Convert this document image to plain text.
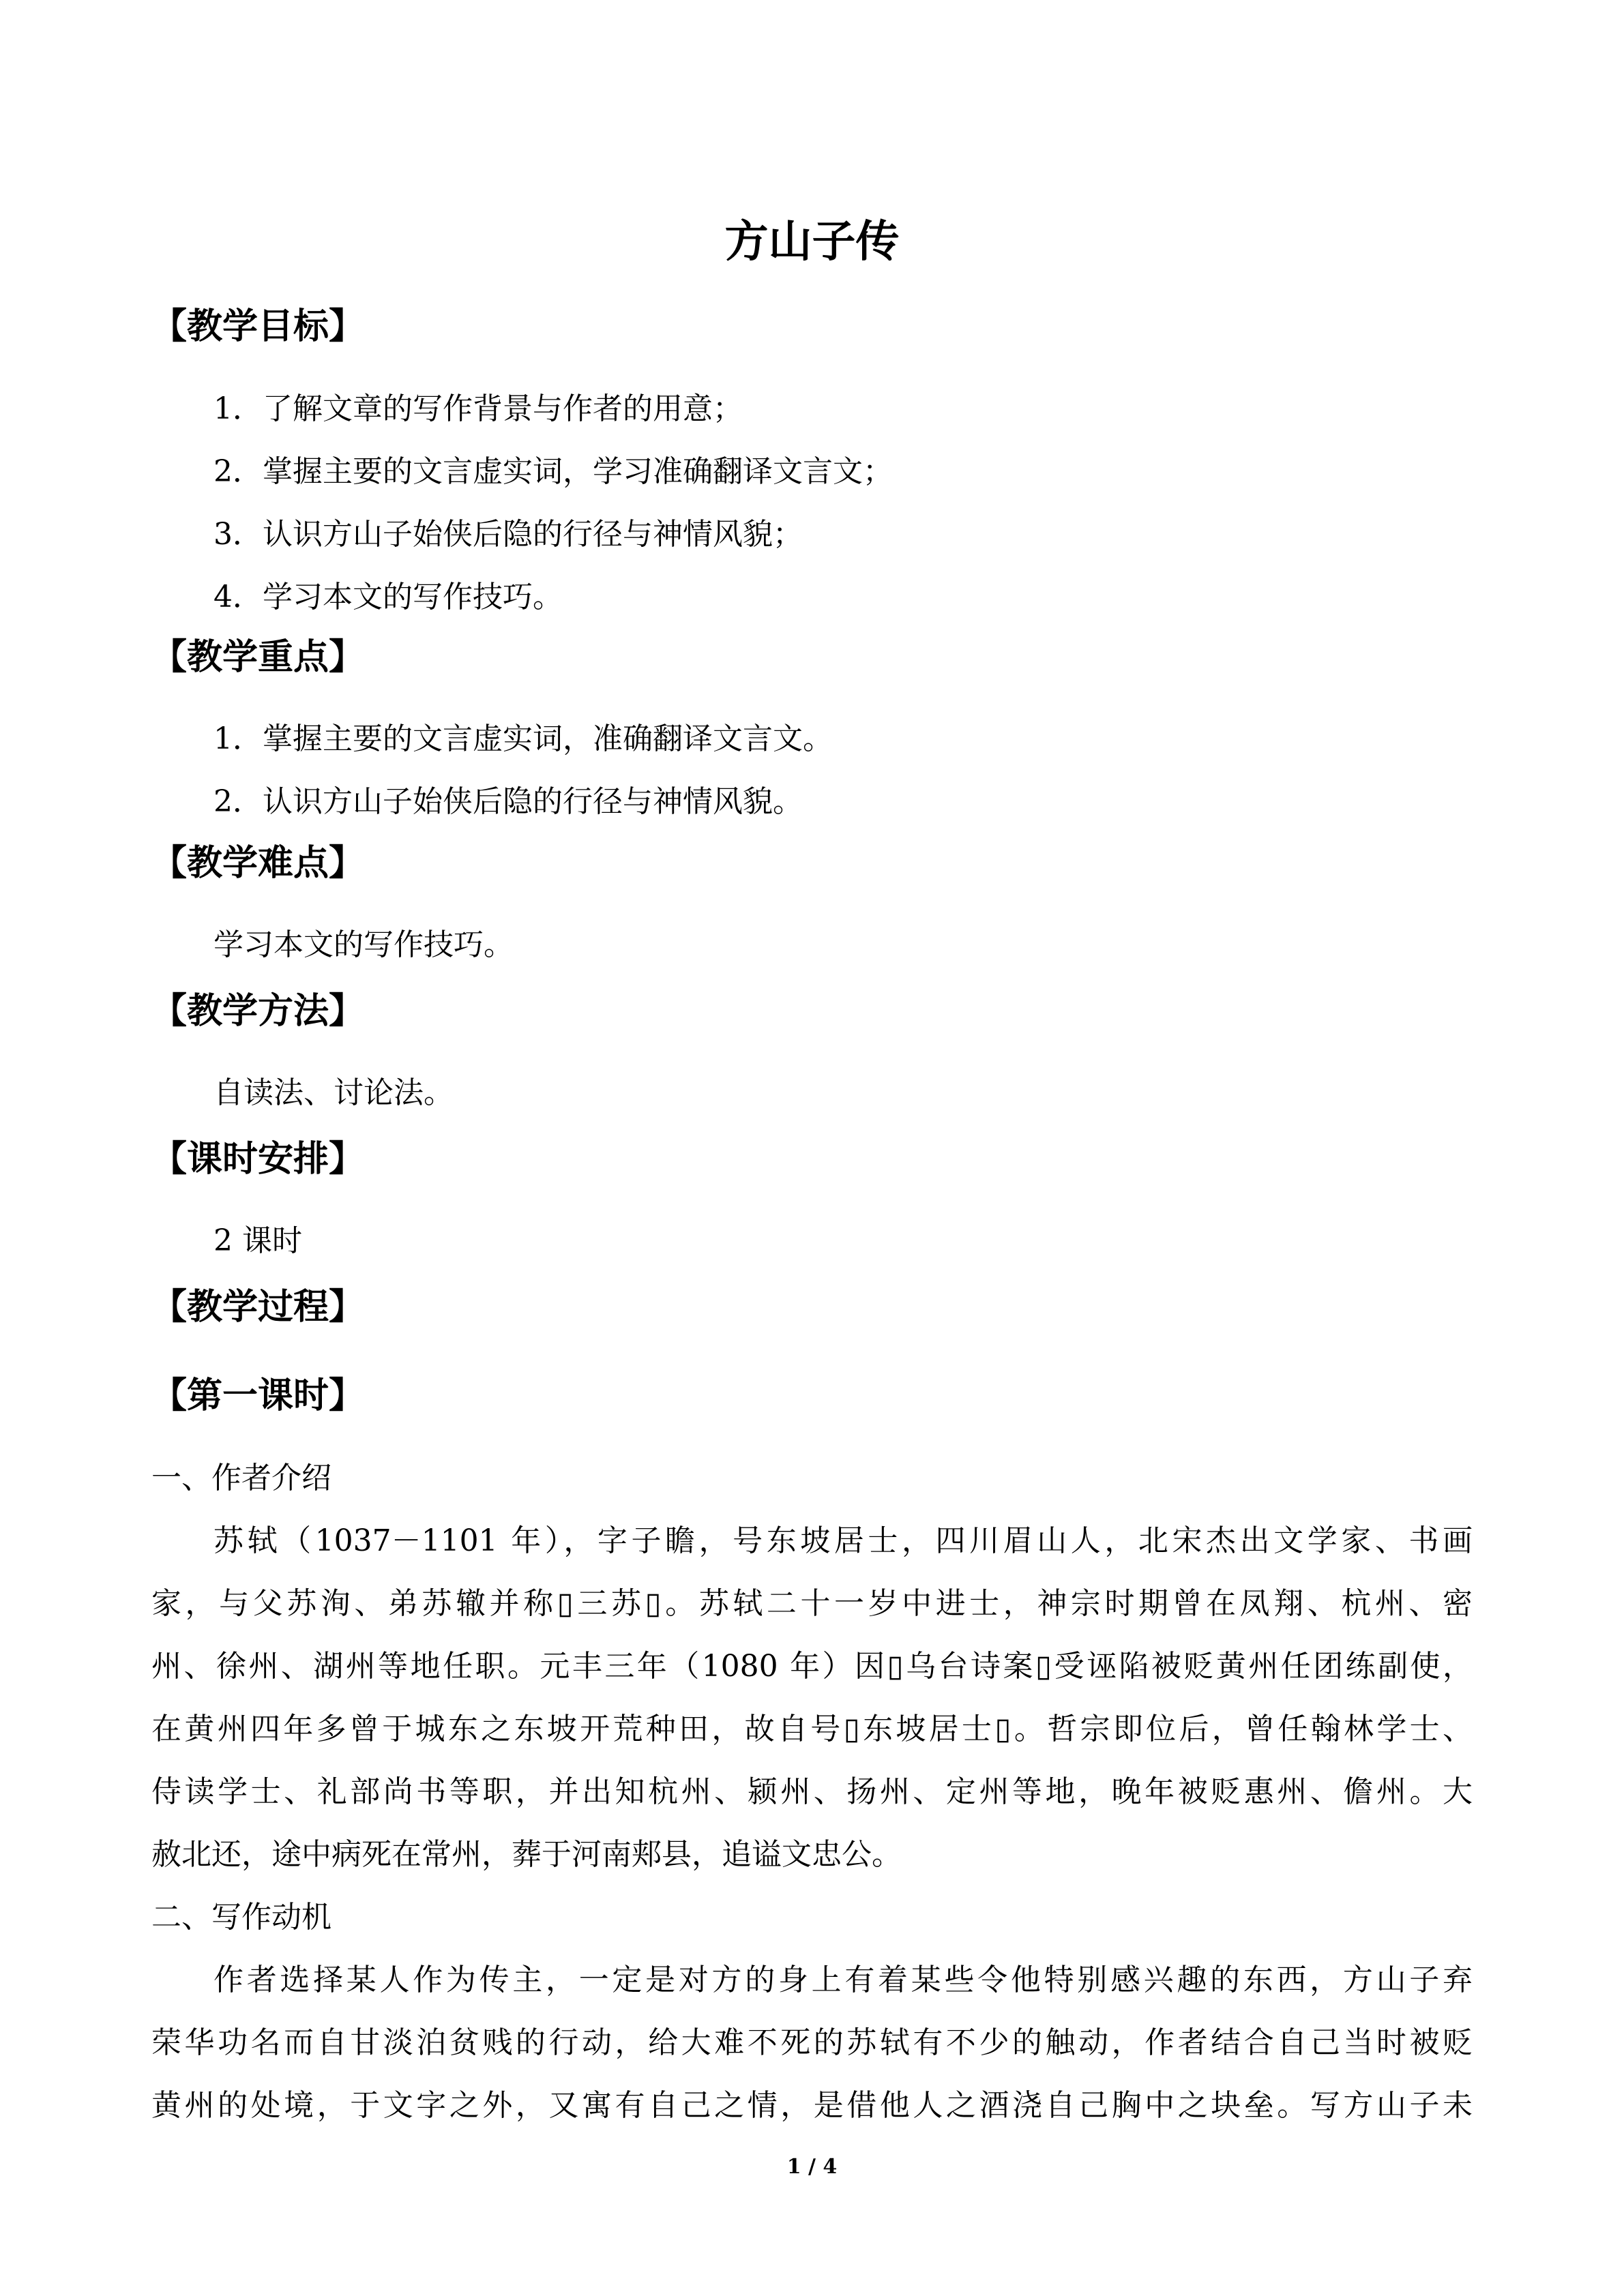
方山子传
【教学目标】

1．了解文章的写作背景与作者的用意；

2．掌握主要的文言虚实词，学习准确翻译文言文；

3．认识方山子始侠后隐的行径与神情风貌；

4．学习本文的写作技巧。

【教学重点】

1．掌握主要的文言虚实词，准确翻译文言文。

2．认识方山子始侠后隐的行径与神情风貌。

【教学难点】

学习本文的写作技巧。

【教学方法】

自读法、讨论法。

【课时安排】

2 课时

【教学过程】
【第一课时】

一、作者介绍

苏轼（1037－1101 年），字子瞻，号东坡居士，四川眉山人，北宋杰出文学家、书画

家，与父苏洵、弟苏辙并称▯三苏▯。苏轼二十一岁中进士，神宗时期曾在凤翔、杭州、密

州、徐州、湖州等地任职。元丰三年（1080 年）因▯乌台诗案▯受诬陷被贬黄州任团练副使，

在黄州四年多曾于城东之东坡开荒种田，故自号▯东坡居士▯。哲宗即位后，曾任翰林学士、

侍读学士、礼部尚书等职，并出知杭州、颍州、扬州、定州等地，晚年被贬惠州、儋州。大

赦北还，途中病死在常州，葬于河南郏县，追谥文忠公。

二、写作动机

作者选择某人作为传主，一定是对方的身上有着某些令他特别感兴趣的东西，方山子弃

荣华功名而自甘淡泊贫贱的行动，给大难不死的苏轼有不少的触动，作者结合自己当时被贬

黄州的处境，于文字之外，又寓有自己之情，是借他人之酒浇自己胸中之块垒。写方山子未

1 / 4
